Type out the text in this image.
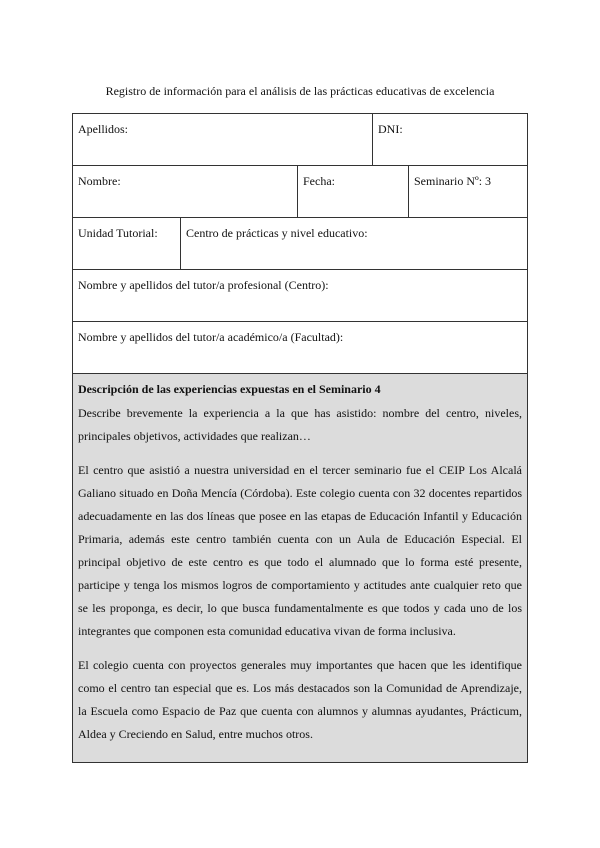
Registro de información para el análisis de las prácticas educativas de excelencia
Apellidos:	DNI:
Nombre:	Fecha:	Seminario Nº: 3
Unidad Tutorial:	Centro de prácticas y nivel educativo:
Nombre y apellidos del tutor/a profesional (Centro):
Nombre y apellidos del tutor/a académico/a (Facultad):
Descripción de las experiencias expuestas en el Seminario 4

Describe brevemente la experiencia a la que has asistido: nombre del centro, niveles, principales objetivos, actividades que realizan…

El centro que asistió a nuestra universidad en el tercer seminario fue el CEIP Los Alcalá Galiano situado en Doña Mencía (Córdoba). Este colegio cuenta con 32 docentes repartidos adecuadamente en las dos líneas que posee en las etapas de Educación Infantil y Educación Primaria, además este centro también cuenta con un Aula de Educación Especial. El principal objetivo de este centro es que todo el alumnado que lo forma esté presente, participe y tenga los mismos logros de comportamiento y actitudes ante cualquier reto que se les proponga, es decir, lo que busca fundamentalmente es que todos y cada uno de los integrantes que componen esta comunidad educativa vivan de forma inclusiva.

El colegio cuenta con proyectos generales muy importantes que hacen que les identifique como el centro tan especial que es. Los más destacados son la Comunidad de Aprendizaje, la Escuela como Espacio de Paz que cuenta con alumnos y alumnas ayudantes, Prácticum, Aldea y Creciendo en Salud, entre muchos otros.
